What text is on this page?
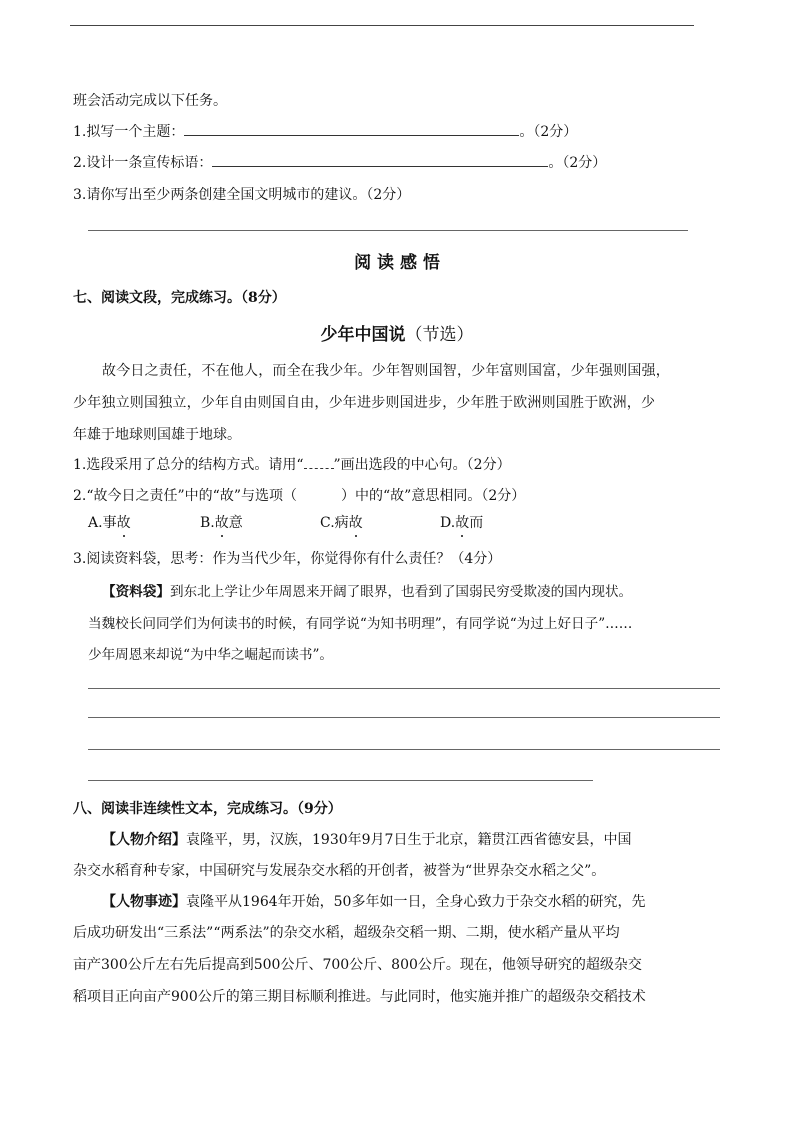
班会活动完成以下任务。
1.拟写一个主题：	。（2分）
2.设计一条宣传标语：	。（2分）
3.请你写出至少两条创建全国文明城市的建议。（2分）
阅 读 感 悟
七、阅读文段，完成练习。（8分）
少年中国说（节选）
故今日之责任，不在他人，而全在我少年。少年智则国智，少年富则国富，少年强则国强，
少年独立则国独立，少年自由则国自由，少年进步则国进步，少年胜于欧洲则国胜于欧洲，少
年雄于地球则国雄于地球。
1.选段采用了总分的结构方式。请用“ ”画出选段的中心句。（2分）
2.“故今日之责任”中的“故”与选项（	）中的“故”意思相同。（2分）
A.事故	B.故意	C.病故	D.故而
3.阅读资料袋，思考：作为当代少年，你觉得你有什么责任？（4分）
【资料袋】到东北上学让少年周恩来开阔了眼界，也看到了国弱民穷受欺凌的国内现状。
当魏校长问同学们为何读书的时候，有同学说“为知书明理”，有同学说“为过上好日子”……
少年周恩来却说“为中华之崛起而读书”。
八、阅读非连续性文本，完成练习。（9分）
【人物介绍】袁隆平，男，汉族，1930年9月7日生于北京，籍贯江西省德安县，中国
杂交水稻育种专家，中国研究与发展杂交水稻的开创者，被誉为“世界杂交水稻之父”。
【人物事迹】袁隆平从1964年开始，50多年如一日，全身心致力于杂交水稻的研究，先
后成功研发出“三系法”“两系法”的杂交水稻，超级杂交稻一期、二期，使水稻产量从平均
亩产300公斤左右先后提高到500公斤、700公斤、800公斤。现在，他领导研究的超级杂交
稻项目正向亩产900公斤的第三期目标顺利推进。与此同时，他实施并推广的超级杂交稻技术
